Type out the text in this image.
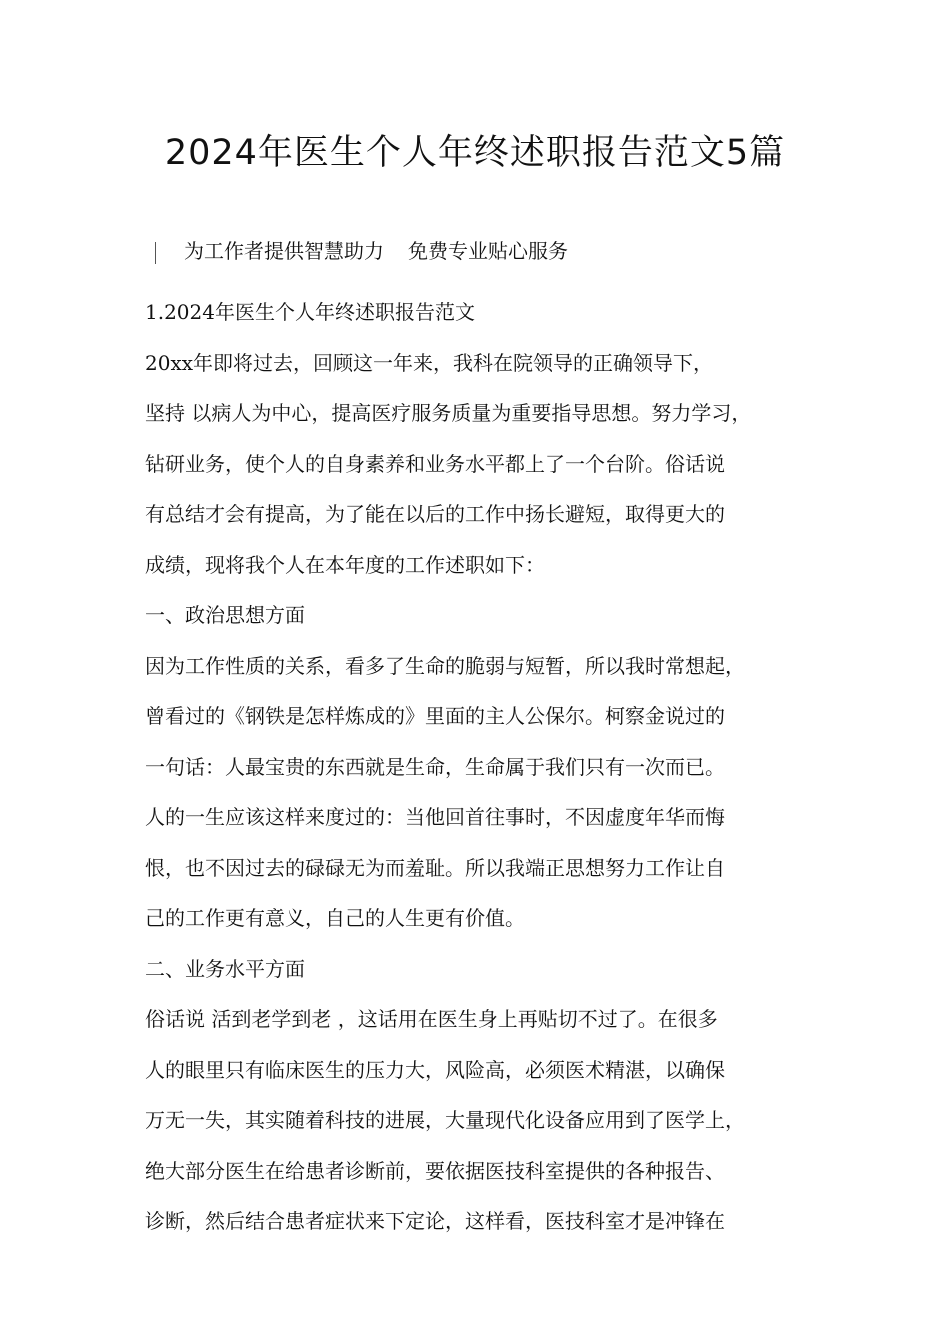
2024年医生个人年终述职报告范文5篇
为工作者提供智慧助力 免费专业贴心服务
1.2024年医生个人年终述职报告范文
20xx年即将过去，回顾这一年来，我科在院领导的正确领导下，
坚持 以病人为中心，提高医疗服务质量为重要指导思想。努力学习，
钻研业务，使个人的自身素养和业务水平都上了一个台阶。俗话说
有总结才会有提高，为了能在以后的工作中扬长避短，取得更大的
成绩，现将我个人在本年度的工作述职如下：
一、政治思想方面
因为工作性质的关系，看多了生命的脆弱与短暂，所以我时常想起，
曾看过的《钢铁是怎样炼成的》里面的主人公保尔。柯察金说过的
一句话：人最宝贵的东西就是生命，生命属于我们只有一次而已。
人的一生应该这样来度过的：当他回首往事时，不因虚度年华而悔
恨，也不因过去的碌碌无为而羞耻。所以我端正思想努力工作让自
己的工作更有意义，自己的人生更有价值。
二、业务水平方面
俗话说 活到老学到老 ，这话用在医生身上再贴切不过了。在很多
人的眼里只有临床医生的压力大，风险高，必须医术精湛，以确保
万无一失，其实随着科技的进展，大量现代化设备应用到了医学上，
绝大部分医生在给患者诊断前，要依据医技科室提供的各种报告、
诊断，然后结合患者症状来下定论，这样看，医技科室才是冲锋在
